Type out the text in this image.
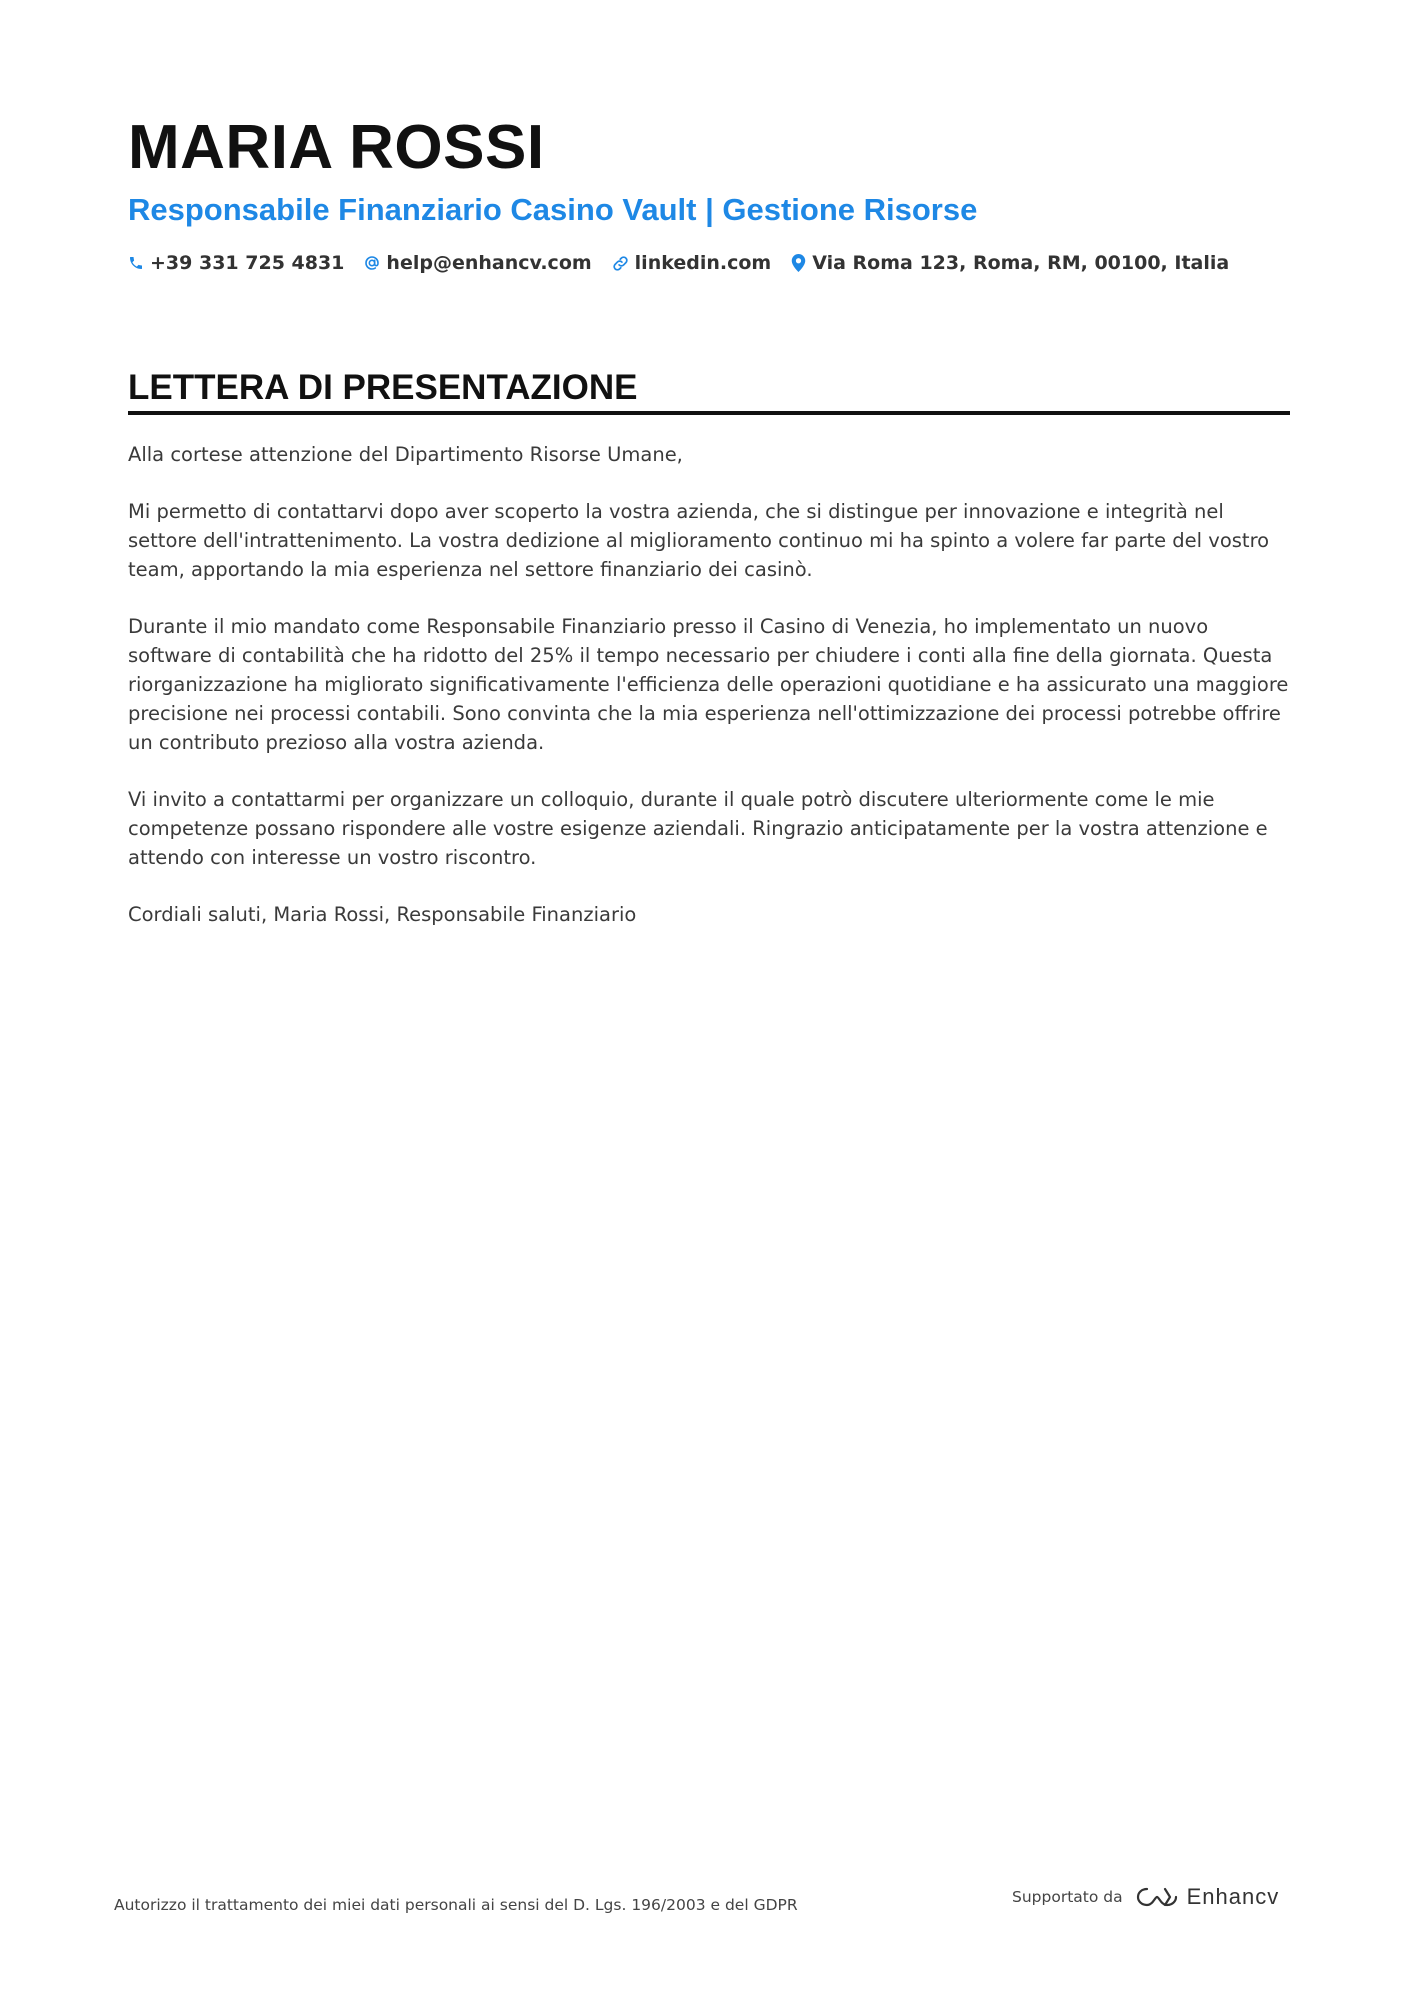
MARIA ROSSI
Responsabile Finanziario Casino Vault | Gestione Risorse
+39 331 725 4831 help@enhancv.com linkedin.com Via Roma 123, Roma, RM, 00100, Italia
LETTERA DI PRESENTAZIONE

Alla cortese attenzione del Dipartimento Risorse Umane,

Mi permetto di contattarvi dopo aver scoperto la vostra azienda, che si distingue per innovazione e integrità nel settore dell'intrattenimento. La vostra dedizione al miglioramento continuo mi ha spinto a volere far parte del vostro team, apportando la mia esperienza nel settore finanziario dei casinò.

Durante il mio mandato come Responsabile Finanziario presso il Casino di Venezia, ho implementato un nuovo software di contabilità che ha ridotto del 25% il tempo necessario per chiudere i conti alla fine della giornata. Questa riorganizzazione ha migliorato significativamente l'efficienza delle operazioni quotidiane e ha assicurato una maggiore precisione nei processi contabili. Sono convinta che la mia esperienza nell'ottimizzazione dei processi potrebbe offrire un contributo prezioso alla vostra azienda.

Vi invito a contattarmi per organizzare un colloquio, durante il quale potrò discutere ulteriormente come le mie competenze possano rispondere alle vostre esigenze aziendali. Ringrazio anticipatamente per la vostra attenzione e attendo con interesse un vostro riscontro.

Cordiali saluti, Maria Rossi, Responsabile Finanziario

Autorizzo il trattamento dei miei dati personali ai sensi del D. Lgs. 196/2003 e del GDPR	Supportato da	Enhancv
